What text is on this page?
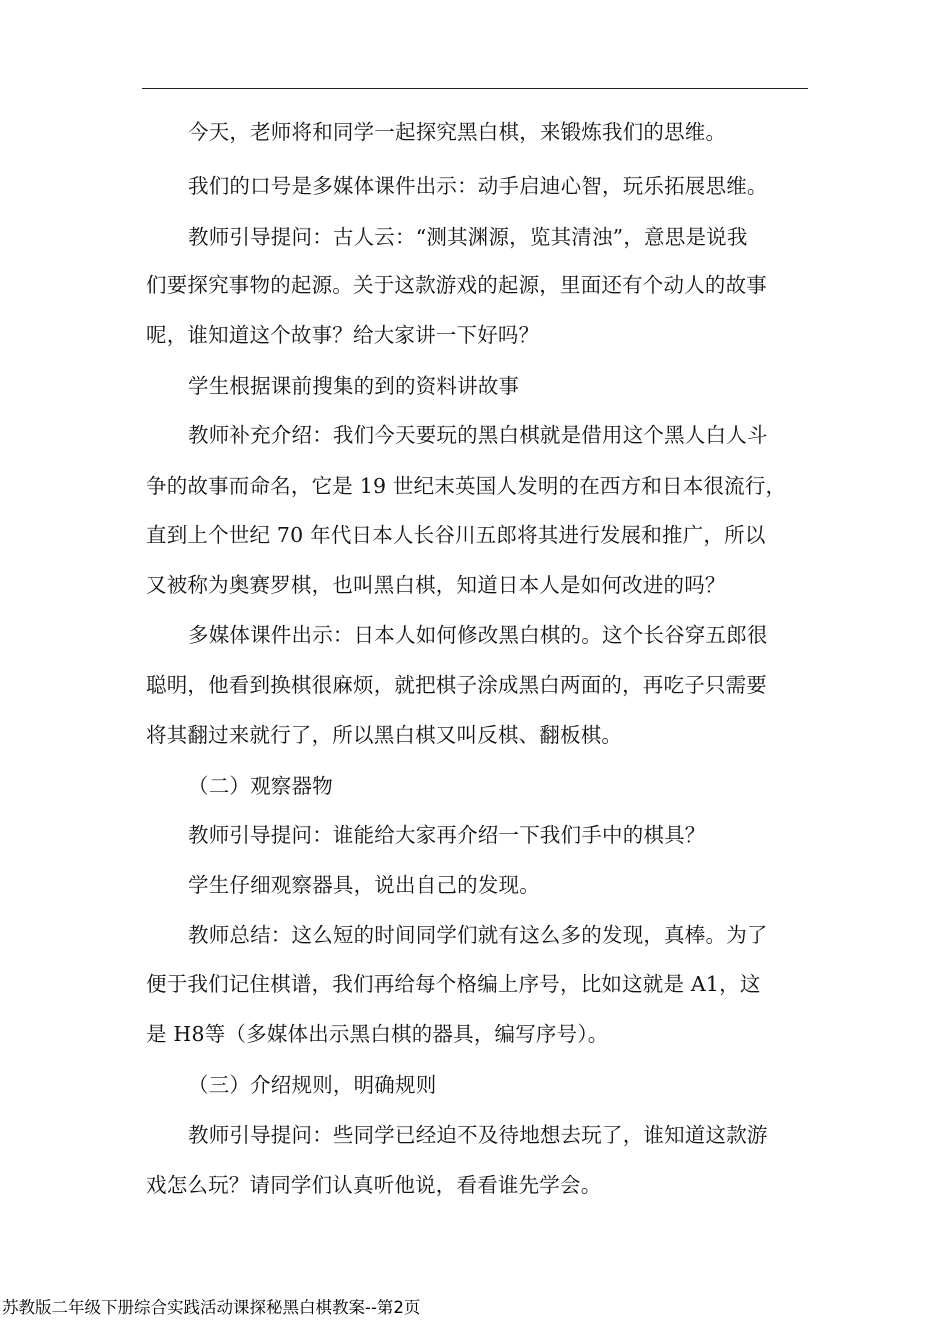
今天，老师将和同学一起探究黑白棋，来锻炼我们的思维。
我们的口号是多媒体课件出示：动手启迪心智，玩乐拓展思维。
教师引导提问：古人云：“测其渊源，览其清浊”，意思是说我
们要探究事物的起源。关于这款游戏的起源，里面还有个动人的故事
呢，谁知道这个故事？给大家讲一下好吗？
学生根据课前搜集的到的资料讲故事
教师补充介绍：我们今天要玩的黑白棋就是借用这个黑人白人斗
争的故事而命名，它是 19 世纪末英国人发明的在西方和日本很流行，
直到上个世纪 70 年代日本人长谷川五郎将其进行发展和推广，所以
又被称为奥赛罗棋，也叫黑白棋，知道日本人是如何改进的吗？
多媒体课件出示：日本人如何修改黑白棋的。这个长谷穿五郎很
聪明，他看到换棋很麻烦，就把棋子涂成黑白两面的，再吃子只需要
将其翻过来就行了，所以黑白棋又叫反棋、翻板棋。
（二）观察器物
教师引导提问：谁能给大家再介绍一下我们手中的棋具？
学生仔细观察器具，说出自己的发现。
教师总结：这么短的时间同学们就有这么多的发现，真棒。为了
便于我们记住棋谱，我们再给每个格编上序号，比如这就是 A1，这
是 H8等（多媒体出示黑白棋的器具，编写序号）。
（三）介绍规则，明确规则
教师引导提问：些同学已经迫不及待地想去玩了，谁知道这款游
戏怎么玩？请同学们认真听他说，看看谁先学会。
苏教版二年级下册综合实践活动课探秘黑白棋教案--第2页
